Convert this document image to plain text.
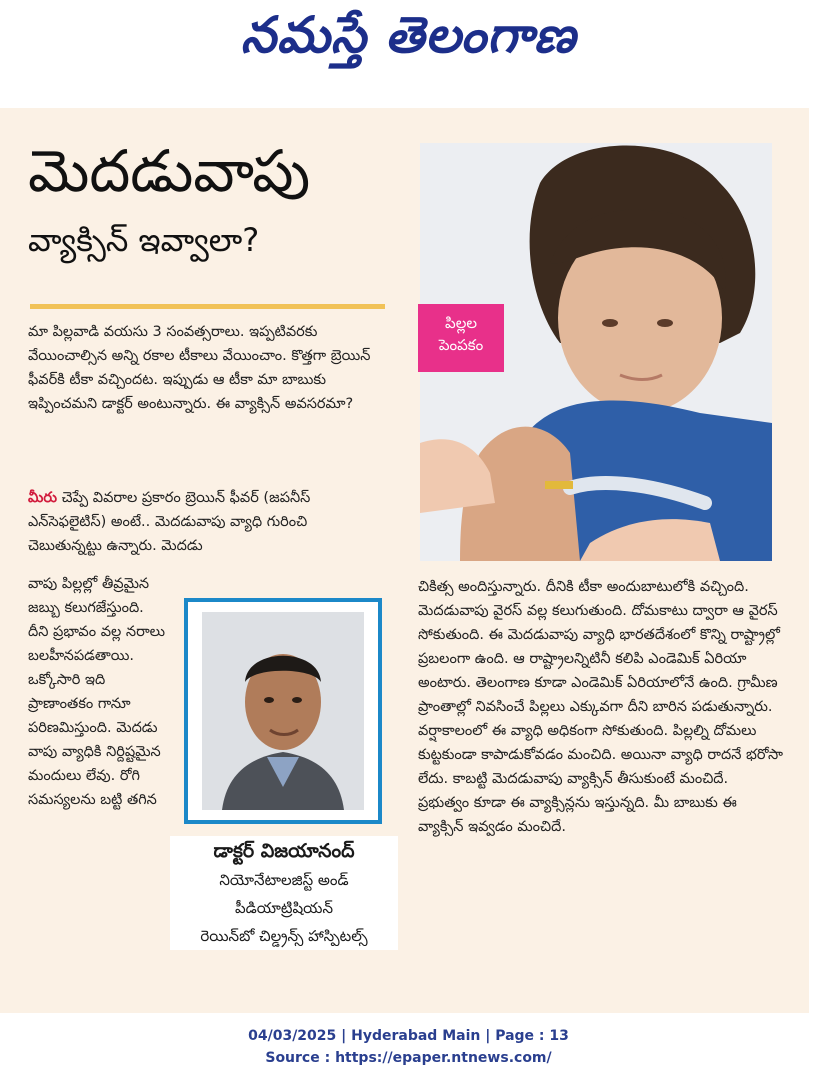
నమస్తే తెలంగాణ
మెదడువాపు
వ్యాక్సిన్ ఇవ్వాలా?
మా పిల్లవాడి వయసు 3 సంవత్సరాలు. ఇప్పటివరకు వేయించాల్సిన అన్ని రకాల టీకాలు వేయించాం. కొత్తగా బ్రెయిన్ ఫీవర్‌కి టీకా వచ్చిందట. ఇప్పుడు ఆ టీకా మా బాబుకు ఇప్పించమని డాక్టర్ అంటున్నారు. ఈ వ్యాక్సిన్ అవసరమా?
మీరు చెప్పే వివరాల ప్రకారం బ్రెయిన్ ఫీవర్ (జపనీస్ ఎన్‌సెఫలైటిస్) అంటే.. మెదడువాపు వ్యాధి గురించి చెబుతున్నట్టు ఉన్నారు. మెదడు
వాపు పిల్లల్లో తీవ్రమైన జబ్బు కలుగజేస్తుంది. దీని ప్రభావం వల్ల నరాలు బలహీనపడతాయి. ఒక్కోసారి ఇది ప్రాణాంతకం గానూ పరిణమిస్తుంది. మెదడు వాపు వ్యాధికి నిర్దిష్టమైన మందులు లేవు. రోగి సమస్యలను బట్టి తగిన
పిల్లల
పెంపకం
చికిత్స అందిస్తున్నారు. దీనికి టీకా అందుబాటులోకి వచ్చింది. మెదడువాపు వైరస్ వల్ల కలుగుతుంది. దోమకాటు ద్వారా ఆ వైరస్ సోకుతుంది. ఈ మెదడువాపు వ్యాధి భారతదేశంలో కొన్ని రాష్ట్రాల్లో ప్రబలంగా ఉంది. ఆ రాష్ట్రాలన్నిటినీ కలిపి ఎండెమిక్ ఏరియా అంటారు. తెలంగాణ కూడా ఎండెమిక్ ఏరియాలోనే ఉంది. గ్రామీణ ప్రాంతాల్లో నివసించే పిల్లలు ఎక్కువగా దీని బారిన పడుతున్నారు. వర్షాకాలంలో ఈ వ్యాధి అధికంగా సోకుతుంది. పిల్లల్ని దోమలు కుట్టకుండా కాపాడుకోవడం మంచిది. అయినా వ్యాధి రాదనే భరోసా లేదు. కాబట్టి మెదడువాపు వ్యాక్సిన్ తీసుకుంటే మంచిదే. ప్రభుత్వం కూడా ఈ వ్యాక్సిన్లను ఇస్తున్నది. మీ బాబుకు ఈ వ్యాక్సిన్ ఇవ్వడం మంచిదే.
డాక్టర్ విజయానంద్
నియోనేటాలజిస్ట్ అండ్
పీడియాట్రిషియన్
రెయిన్‌బో చిల్డ్రన్స్ హాస్పిటల్స్
04/03/2025 | Hyderabad Main | Page : 13
Source : https://epaper.ntnews.com/
